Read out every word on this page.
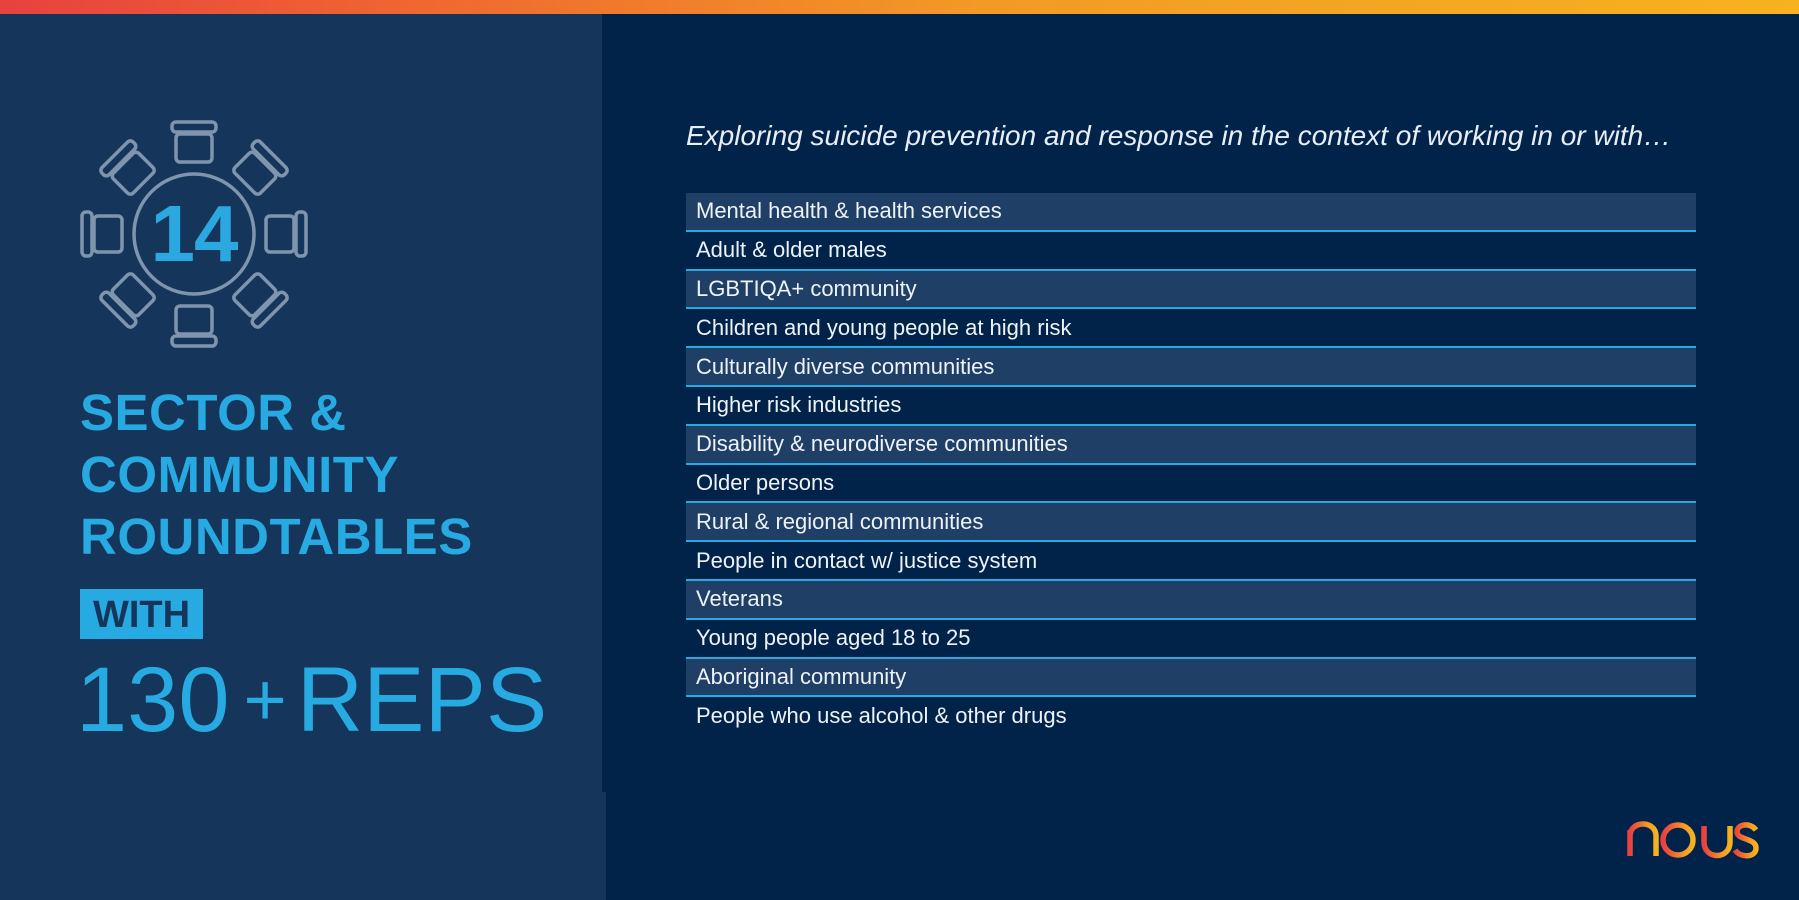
14
SECTOR &
COMMUNITY
ROUNDTABLES
WITH
130 + REPS

Exploring suicide prevention and response in the context of working in or with…

Mental health & health services
Adult & older males
LGBTIQA+ community
Children and young people at high risk
Culturally diverse communities
Higher risk industries
Disability & neurodiverse communities
Older persons
Rural & regional communities
People in contact w/ justice system
Veterans
Young people aged 18 to 25
Aboriginal community
People who use alcohol & other drugs
